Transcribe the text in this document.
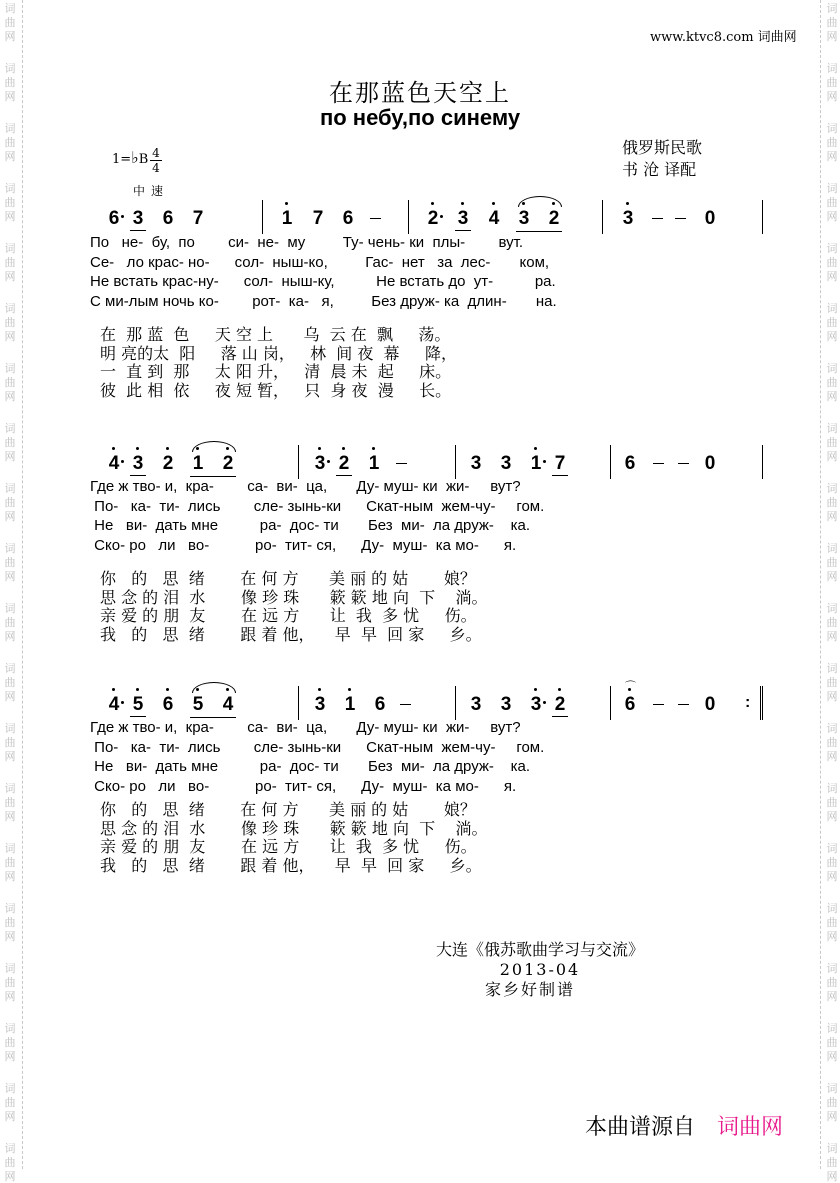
词
曲
网
词
曲
网
词
曲
网
词
曲
网
词
曲
网
词
曲
网
词
曲
网
词
曲
网
词
曲
网
词
曲
网
词
曲
网
词
曲
网
词
曲
网
词
曲
网
词
曲
网
词
曲
网
词
曲
网
词
曲
网
词
曲
网
词
曲
网
词
曲
网
词
曲
网
词
曲
网
词
曲
网
词
曲
网
词
曲
网
词
曲
网
词
曲
网
词
曲
网
词
曲
网
词
曲
网
词
曲
网
词
曲
网
词
曲
网
词
曲
网
词
曲
网
词
曲
网
词
曲
网
词
曲
网
词
曲
网
www.ktvc8.com 词曲网
在那蓝色天空上
по небу,по синему
1=♭B 4
4
中速
俄罗斯民歌
书 沧 译配
6 3 6 7	1 7 6	2 3 4 3 2	3	0
4 3 2 1 2	3 2 1	3 3 1 7	6	0
4 5 6 5 4	3 1 6	3 3 3 2	6
⌒
0 :
По   не-  бу,  по        си-  не-  му         Ту- чень- ки  плы-        вут.
Се-   ло крас- но-      сол-  ныш-ко,         Гас-  нет   за  лес-       ком,
Не встать крас-ну-      сол-  ныш-ку,          Не встать до  ут-          ра.
С ми-лым ночь ко-        рот-  ка-   я,         Без друж- ка  длин-       на.
在  那 蓝  色     天 空 上      乌  云 在  飘     荡。
明 亮的太  阳     落 山 岗，   林  间 夜  幕     降，
一  直 到  那     太 阳 升，   清  晨 未  起     床。
彼  此 相  依     夜 短 暂，   只  身 夜  漫     长。
Где ж тво- и,  кра-        са-  ви-  ца,       Ду- муш- ки  жи-     вут?
По-   ка-  ти-  лись        сле- зынь-ки      Скат-ным  жем-чу-     гом.
Не   ви-  дать мне          ра-  дос- ти       Без  ми-  ла друж-    ка.
Ско- ро   ли   во-           ро-  тит- ся,      Ду-  муш-  ка мо-      я.
你   的   思  绪       在 何 方      美 丽 的 姑       娘？
思 念 的 泪  水       像 珍 珠      簌 簌 地 向  下    淌。
亲 爱 的 朋  友       在 远 方      让  我  多 忧     伤。
我   的   思  绪       跟 着 他，    早  早  回 家     乡。
Где ж тво- и,  кра-        са-  ви-  ца,       Ду- муш- ки  жи-     вут?
По-   ка-  ти-  лись        сле- зынь-ки      Скат-ным  жем-чу-     гом.
Не   ви-  дать мне          ра-  дос- ти       Без  ми-  ла друж-    ка.
Ско- ро   ли   во-           ро-  тит- ся,      Ду-  муш-  ка мо-      я.
你   的   思  绪       在 何 方      美 丽 的 姑       娘？
思 念 的 泪  水       像 珍 珠      簌 簌 地 向  下    淌。
亲 爱 的 朋  友       在 远 方      让  我  多 忧     伤。
我   的   思  绪       跟 着 他，    早  早  回 家     乡。
大连《俄苏歌曲学习与交流》
2013-04
家乡好制谱
本曲谱源自 词曲网
